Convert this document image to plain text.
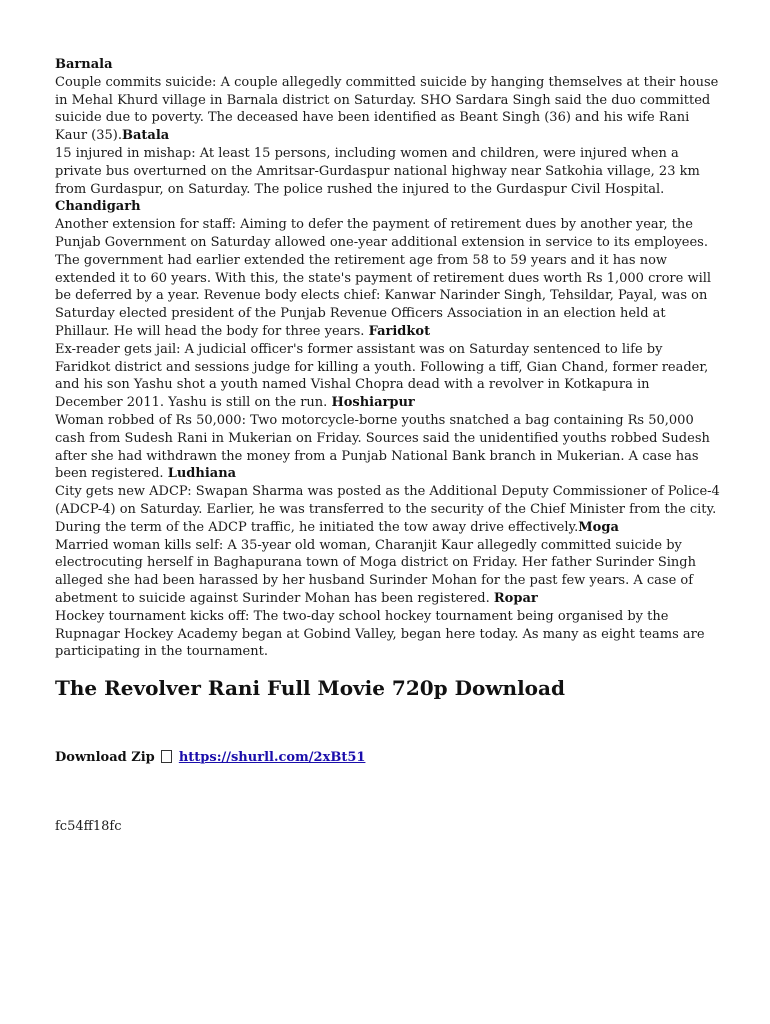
Barnala
Couple commits suicide: A couple allegedly committed suicide by hanging themselves at their house in Mehal Khurd village in Barnala district on Saturday. SHO Sardara Singh said the duo committed suicide due to poverty. The deceased have been identified as Beant Singh (36) and his wife Rani Kaur (35).Batala
15 injured in mishap: At least 15 persons, including women and children, were injured when a private bus overturned on the Amritsar-Gurdaspur national highway near Satkohia village, 23 km from Gurdaspur, on Saturday. The police rushed the injured to the Gurdaspur Civil Hospital.
Chandigarh
Another extension for staff: Aiming to defer the payment of retirement dues by another year, the Punjab Government on Saturday allowed one-year additional extension in service to its employees. The government had earlier extended the retirement age from 58 to 59 years and it has now extended it to 60 years. With this, the state's payment of retirement dues worth Rs 1,000 crore will be deferred by a year. Revenue body elects chief: Kanwar Narinder Singh, Tehsildar, Payal, was on Saturday elected president of the Punjab Revenue Officers Association in an election held at Phillaur. He will head the body for three years. Faridkot
Ex-reader gets jail: A judicial officer's former assistant was on Saturday sentenced to life by Faridkot district and sessions judge for killing a youth. Following a tiff, Gian Chand, former reader, and his son Yashu shot a youth named Vishal Chopra dead with a revolver in Kotkapura in December 2011. Yashu is still on the run. Hoshiarpur
Woman robbed of Rs 50,000: Two motorcycle-borne youths snatched a bag containing Rs 50,000 cash from Sudesh Rani in Mukerian on Friday. Sources said the unidentified youths robbed Sudesh after she had withdrawn the money from a Punjab National Bank branch in Mukerian. A case has been registered. Ludhiana
City gets new ADCP: Swapan Sharma was posted as the Additional Deputy Commissioner of Police-4 (ADCP-4) on Saturday. Earlier, he was transferred to the security of the Chief Minister from the city. During the term of the ADCP traffic, he initiated the tow away drive effectively.Moga
Married woman kills self: A 35-year old woman, Charanjit Kaur allegedly committed suicide by electrocuting herself in Baghapurana town of Moga district on Friday. Her father Surinder Singh alleged she had been harassed by her husband Surinder Mohan for the past few years. A case of abetment to suicide against Surinder Mohan has been registered. Ropar
Hockey tournament kicks off: The two-day school hockey tournament being organised by the Rupnagar Hockey Academy began at Gobind Valley, began here today. As many as eight teams are participating in the tournament.

The Revolver Rani Full Movie 720p Download

Download Zip https://shurll.com/2xBt51

fc54ff18fc
